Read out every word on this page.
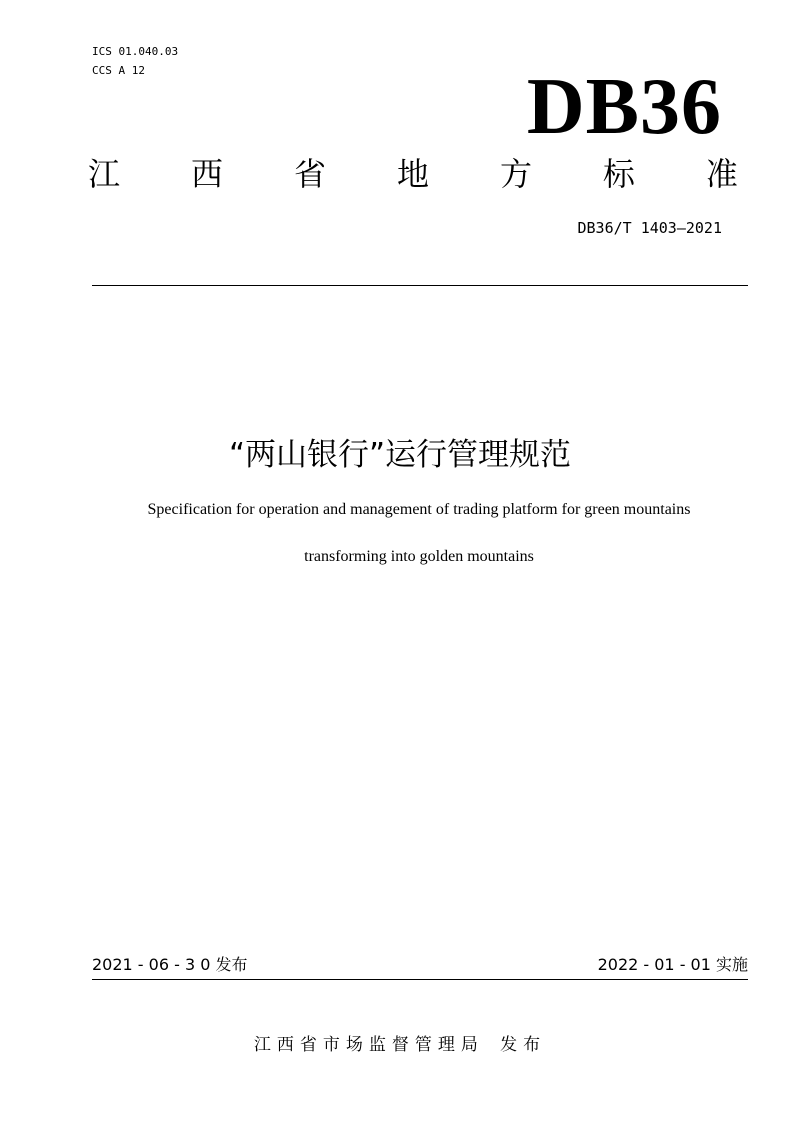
ICS 01.040.03
CCS A 12	DB36
江 西 省 地 方 标 准
DB36/T 1403—2021
“两山银行”运行管理规范
Specification for operation and management of trading platform for green mountains
transforming into golden mountains
2021 - 06 - 3 0 发布	2022 - 01 - 01 实施
江西省市场监督管理局 发布
